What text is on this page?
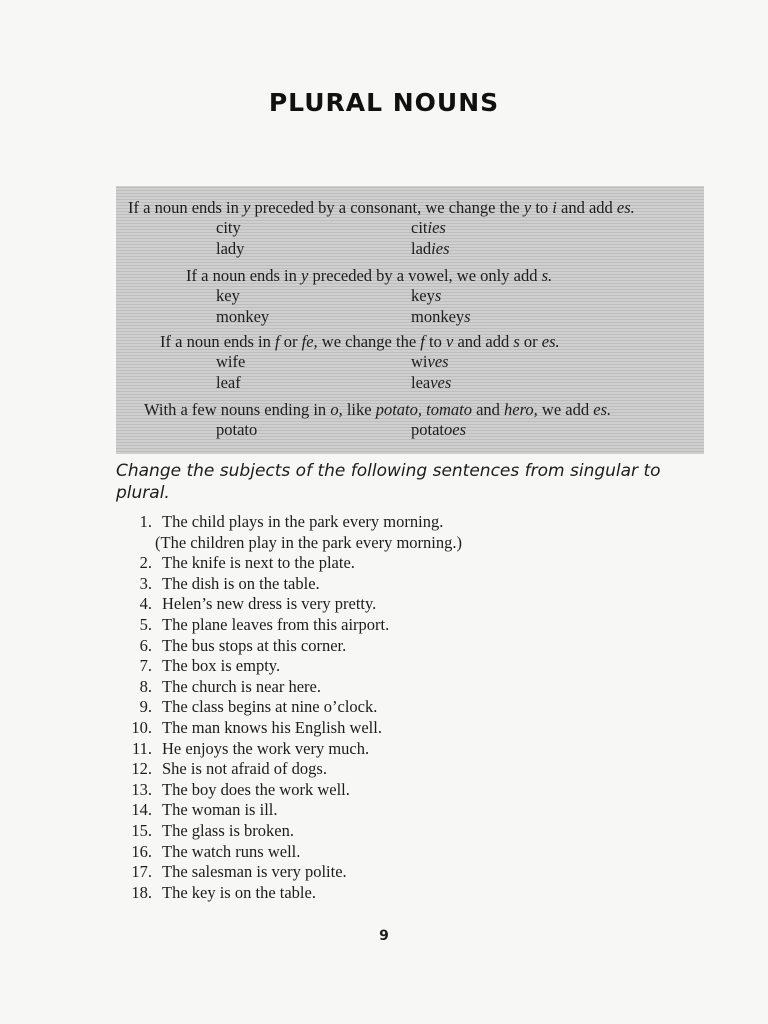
PLURAL NOUNS
If a noun ends in y preceded by a consonant, we change the y to i and add es.
city	cities
lady	ladies
If a noun ends in y preceded by a vowel, we only add s.
key	keys
monkey	monkeys
If a noun ends in f or fe, we change the f to v and add s or es.
wife	wives
leaf	leaves
With a few nouns ending in o, like potato, tomato and hero, we add es.
potato	potatoes
Change the subjects of the following sentences from singular to plural.
1. The child plays in the park every morning.
2. The knife is next to the plate.
3. The dish is on the table.
4. Helen’s new dress is very pretty.
5. The plane leaves from this airport.
6. The bus stops at this corner.
7. The box is empty.
8. The church is near here.
9. The class begins at nine o’clock.
10. The man knows his English well.
11. He enjoys the work very much.
12. She is not afraid of dogs.
13. The boy does the work well.
14. The woman is ill.
15. The glass is broken.
16. The watch runs well.
17. The salesman is very polite.
18. The key is on the table.
(The children play in the park every morning.)
9
